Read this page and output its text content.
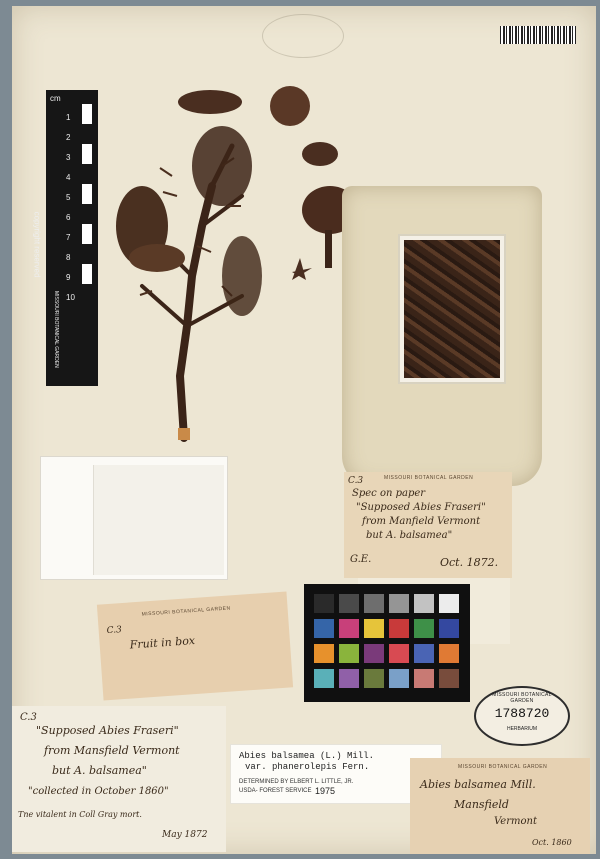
cm
1
2
3
4
5
6
7
8
9
10
copyright reserved
MISSOURI BOTANICAL GARDEN
MISSOURI BOTANICAL GARDEN
C.3
Spec on paper
"Supposed Abies Fraseri"
from Manfield Vermont
but A. balsamea"
G.E.	Oct. 1872.
MISSOURI BOTANICAL GARDEN
C.3
Fruit in box
MISSOURI BOTANICAL GARDEN
1788720
HERBARIUM
C.3
"Supposed Abies Fraseri"
from Mansfield Vermont
but A. balsamea"
"collected in October 1860"
Tne vitalent in Coll Gray mort.
May 1872
Abies balsamea (L.) Mill.
var. phanerolepis Fern.
DETERMINED BY ELBERT L. LITTLE, JR.
USDA- FOREST SERVICE 1975
MISSOURI BOTANICAL GARDEN
Abies balsamea Mill.
Mansfield
Vermont
Oct. 1860
